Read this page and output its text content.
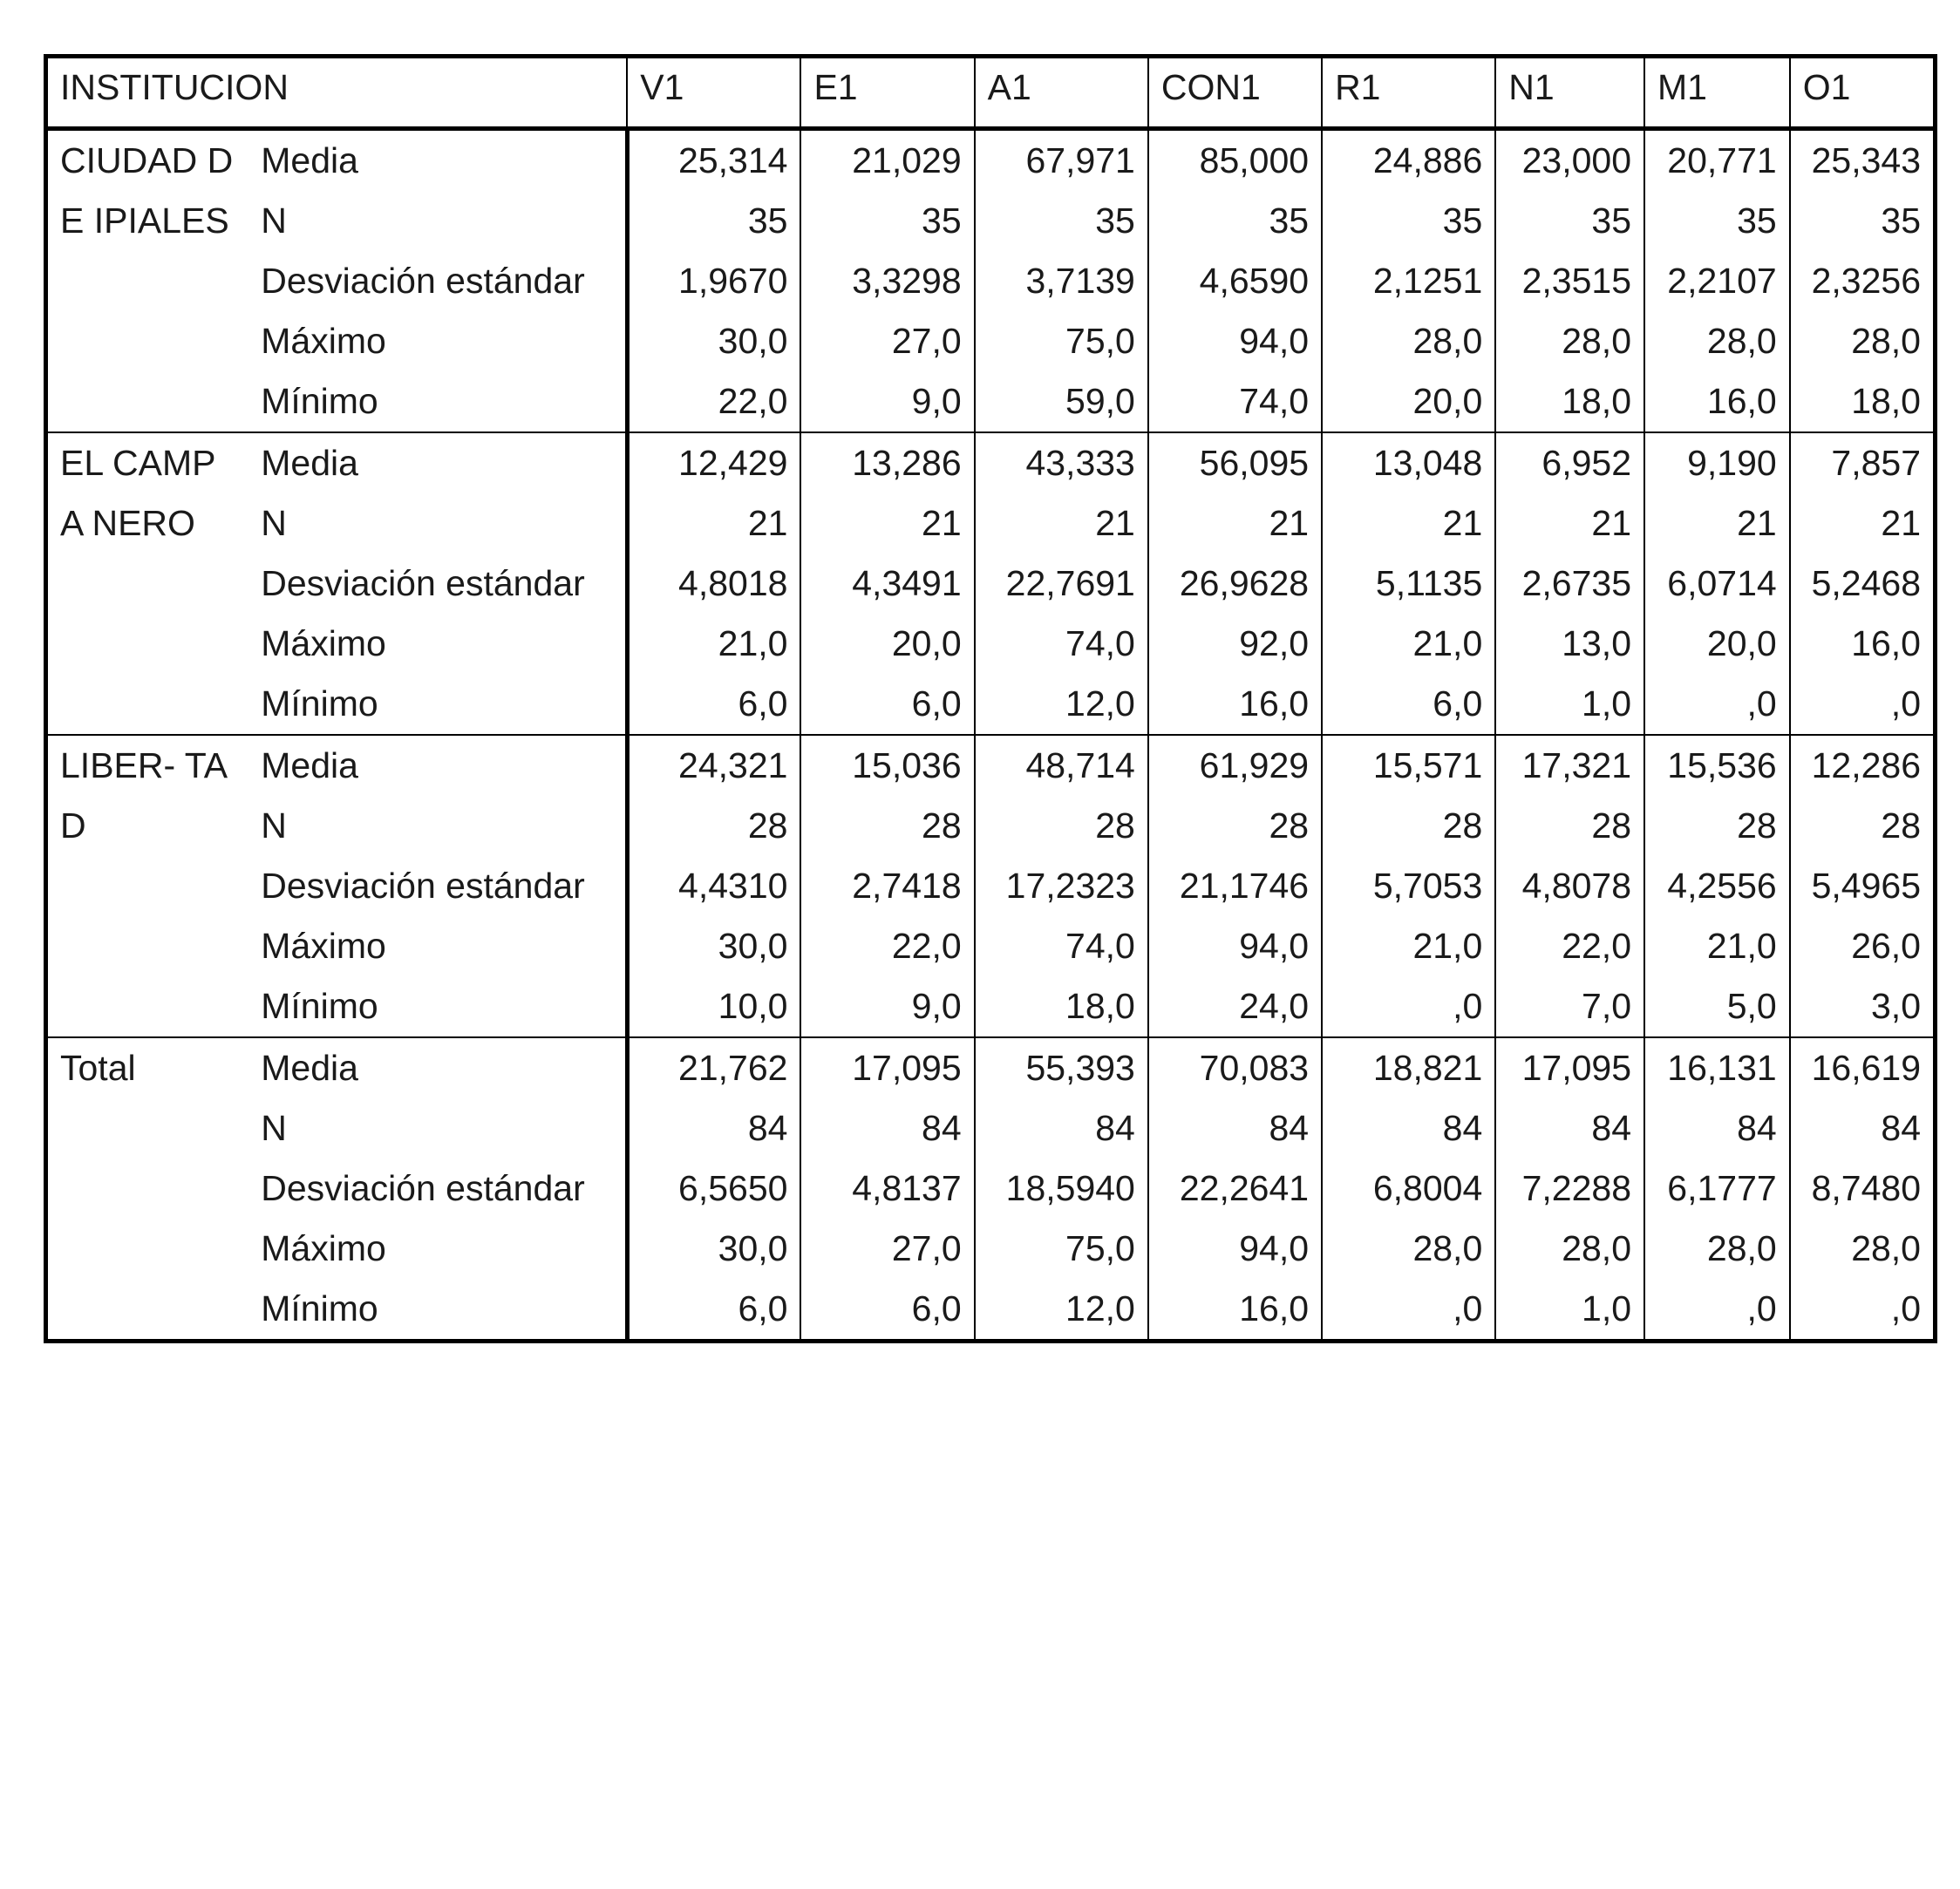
INSTITUCION		V1	E1	A1	CON1	R1	N1	M1	O1
CIUDAD DE IPIALES	Media	25,314	21,029	67,971	85,000	24,886	23,000	20,771	25,343

	N	35	35	35	35	35	35	35	35

	Desviación estándar	1,9670	3,3298	3,7139	4,6590	2,1251	2,3515	2,2107	2,3256

	Máximo	30,0	27,0	75,0	94,0	28,0	28,0	28,0	28,0

	Mínimo	22,0	9,0	59,0	74,0	20,0	18,0	16,0	18,0

EL CAMPA NERO	Media	12,429	13,286	43,333	56,095	13,048	6,952	9,190	7,857

	N	21	21	21	21	21	21	21	21

	Desviación estándar	4,8018	4,3491	22,7691	26,9628	5,1135	2,6735	6,0714	5,2468

	Máximo	21,0	20,0	74,0	92,0	21,0	13,0	20,0	16,0

	Mínimo	6,0	6,0	12,0	16,0	6,0	1,0	,0	,0

LIBER- TAD	Media	24,321	15,036	48,714	61,929	15,571	17,321	15,536	12,286

	N	28	28	28	28	28	28	28	28

	Desviación estándar	4,4310	2,7418	17,2323	21,1746	5,7053	4,8078	4,2556	5,4965

	Máximo	30,0	22,0	74,0	94,0	21,0	22,0	21,0	26,0

	Mínimo	10,0	9,0	18,0	24,0	,0	7,0	5,0	3,0

Total	Media	21,762	17,095	55,393	70,083	18,821	17,095	16,131	16,619

	N	84	84	84	84	84	84	84	84

	Desviación estándar	6,5650	4,8137	18,5940	22,2641	6,8004	7,2288	6,1777	8,7480

	Máximo	30,0	27,0	75,0	94,0	28,0	28,0	28,0	28,0

	Mínimo	6,0	6,0	12,0	16,0	,0	1,0	,0	,0
